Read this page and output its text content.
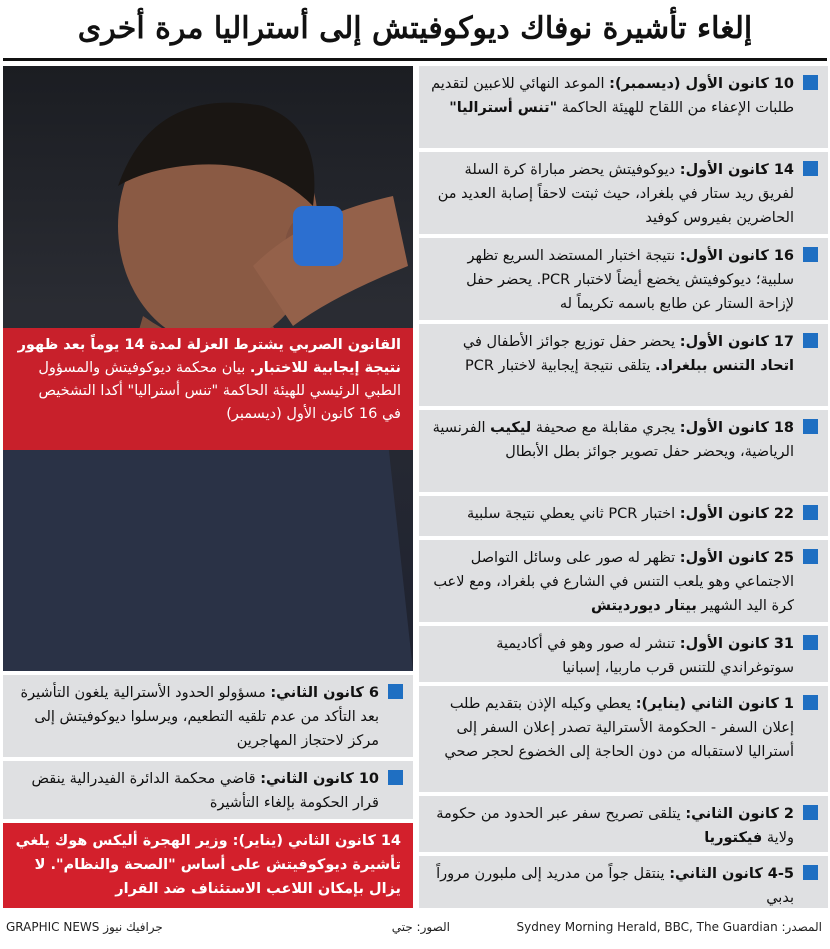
إلغاء تأشيرة نوفاك ديوكوفيتش إلى أستراليا مرة أخرى
10 كانون الأول (ديسمبر): الموعد النهائي للاعبين لتقديم طلبات الإعفاء من اللقاح للهيئة الحاكمة "تنس أستراليا"
14 كانون الأول: ديوكوفيتش يحضر مباراة كرة السلة لفريق ريد ستار في بلغراد، حيث ثبتت لاحقاً إصابة العديد من الحاضرين بفيروس كوفيد
16 كانون الأول: نتيجة اختبار المستضد السريع تظهر سلبية؛ ديوكوفيتش يخضع أيضاً لاختبار PCR. يحضر حفل لإزاحة الستار عن طابع باسمه تكريماً له
17 كانون الأول: يحضر حفل توزيع جوائز الأطفال في اتحاد التنس ببلغراد. يتلقى نتيجة إيجابية لاختبار PCR
18 كانون الأول: يجري مقابلة مع صحيفة ليكيب الفرنسية الرياضية، ويحضر حفل تصوير جوائز بطل الأبطال
22 كانون الأول: اختبار PCR ثاني يعطي نتيجة سلبية
25 كانون الأول: تظهر له صور على وسائل التواصل الاجتماعي وهو يلعب التنس في الشارع في بلغراد، ومع لاعب كرة اليد الشهير بيتار ديورديتش
31 كانون الأول: تنشر له صور وهو في أكاديمية سوتوغراندي للتنس قرب ماربيا، إسبانيا
1 كانون الثاني (يناير): يعطي وكيله الإذن بتقديم طلب إعلان السفر - الحكومة الأسترالية تصدر إعلان السفر إلى أستراليا لاستقباله من دون الحاجة إلى الخضوع لحجر صحي
2 كانون الثاني: يتلقى تصريح سفر عبر الحدود من حكومة ولاية فيكتوريا
4-5 كانون الثاني: ينتقل جواً من مدريد إلى ملبورن مروراً بدبي
القانون الصربي يشترط العزلة لمدة 14 يوماً بعد ظهور نتيجة إيجابية للاختبار. بيان محكمة ديوكوفيتش والمسؤول الطبي الرئيسي للهيئة الحاكمة "تنس أستراليا" أكدا التشخيص في 16 كانون الأول (ديسمبر)
6 كانون الثاني: مسؤولو الحدود الأسترالية يلغون التأشيرة بعد التأكد من عدم تلقيه التطعيم، ويرسلوا ديوكوفيتش إلى مركز لاحتجاز المهاجرين
10 كانون الثاني: قاضي محكمة الدائرة الفيدرالية ينقض قرار الحكومة بإلغاء التأشيرة
14 كانون الثاني (يناير): وزير الهجرة أليكس هوك يلغي تأشيرة ديوكوفيتش على أساس "الصحة والنظام". لا يزال بإمكان اللاعب الاستئناف ضد القرار
المصدر: Sydney Morning Herald, BBC, The Guardian
الصور: جتي
GRAPHIC NEWS جرافيك نيوز
